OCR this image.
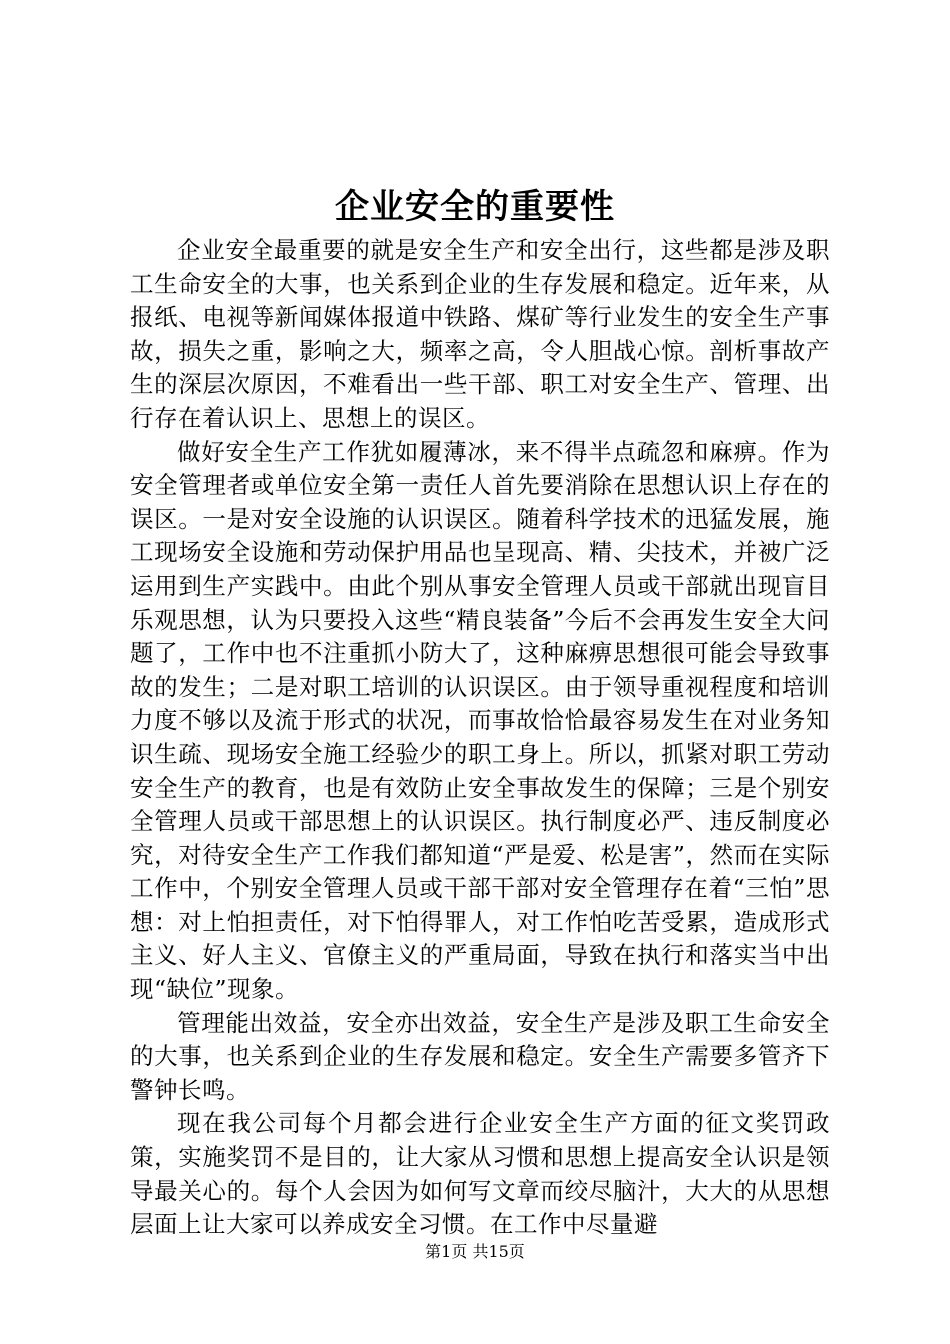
企业安全的重要性

企业安全最重要的就是安全生产和安全出行，这些都是涉及职工生命安全的大事，也关系到企业的生存发展和稳定。近年来，从报纸、电视等新闻媒体报道中铁路、煤矿等行业发生的安全生产事故，损失之重，影响之大，频率之高，令人胆战心惊。剖析事故产生的深层次原因，不难看出一些干部、职工对安全生产、管理、出行存在着认识上、思想上的误区。

做好安全生产工作犹如履薄冰，来不得半点疏忽和麻痹。作为安全管理者或单位安全第一责任人首先要消除在思想认识上存在的误区。一是对安全设施的认识误区。随着科学技术的迅猛发展，施工现场安全设施和劳动保护用品也呈现高、精、尖技术，并被广泛运用到生产实践中。由此个别从事安全管理人员或干部就出现盲目乐观思想，认为只要投入这些“精良装备”今后不会再发生安全大问题了，工作中也不注重抓小防大了，这种麻痹思想很可能会导致事故的发生；二是对职工培训的认识误区。由于领导重视程度和培训力度不够以及流于形式的状况，而事故恰恰最容易发生在对业务知识生疏、现场安全施工经验少的职工身上。所以，抓紧对职工劳动安全生产的教育，也是有效防止安全事故发生的保障；三是个别安全管理人员或干部思想上的认识误区。执行制度必严、违反制度必究，对待安全生产工作我们都知道“严是爱、松是害”，然而在实际工作中，个别安全管理人员或干部干部对安全管理存在着“三怕”思想：对上怕担责任，对下怕得罪人，对工作怕吃苦受累，造成形式主义、好人主义、官僚主义的严重局面，导致在执行和落实当中出现“缺位”现象。

管理能出效益，安全亦出效益，安全生产是涉及职工生命安全的大事，也关系到企业的生存发展和稳定。安全生产需要多管齐下警钟长鸣。

现在我公司每个月都会进行企业安全生产方面的征文奖罚政策，实施奖罚不是目的，让大家从习惯和思想上提高安全认识是领导最关心的。每个人会因为如何写文章而绞尽脑汁，大大的从思想层面上让大家可以养成安全习惯。在工作中尽量避

第1页 共15页
